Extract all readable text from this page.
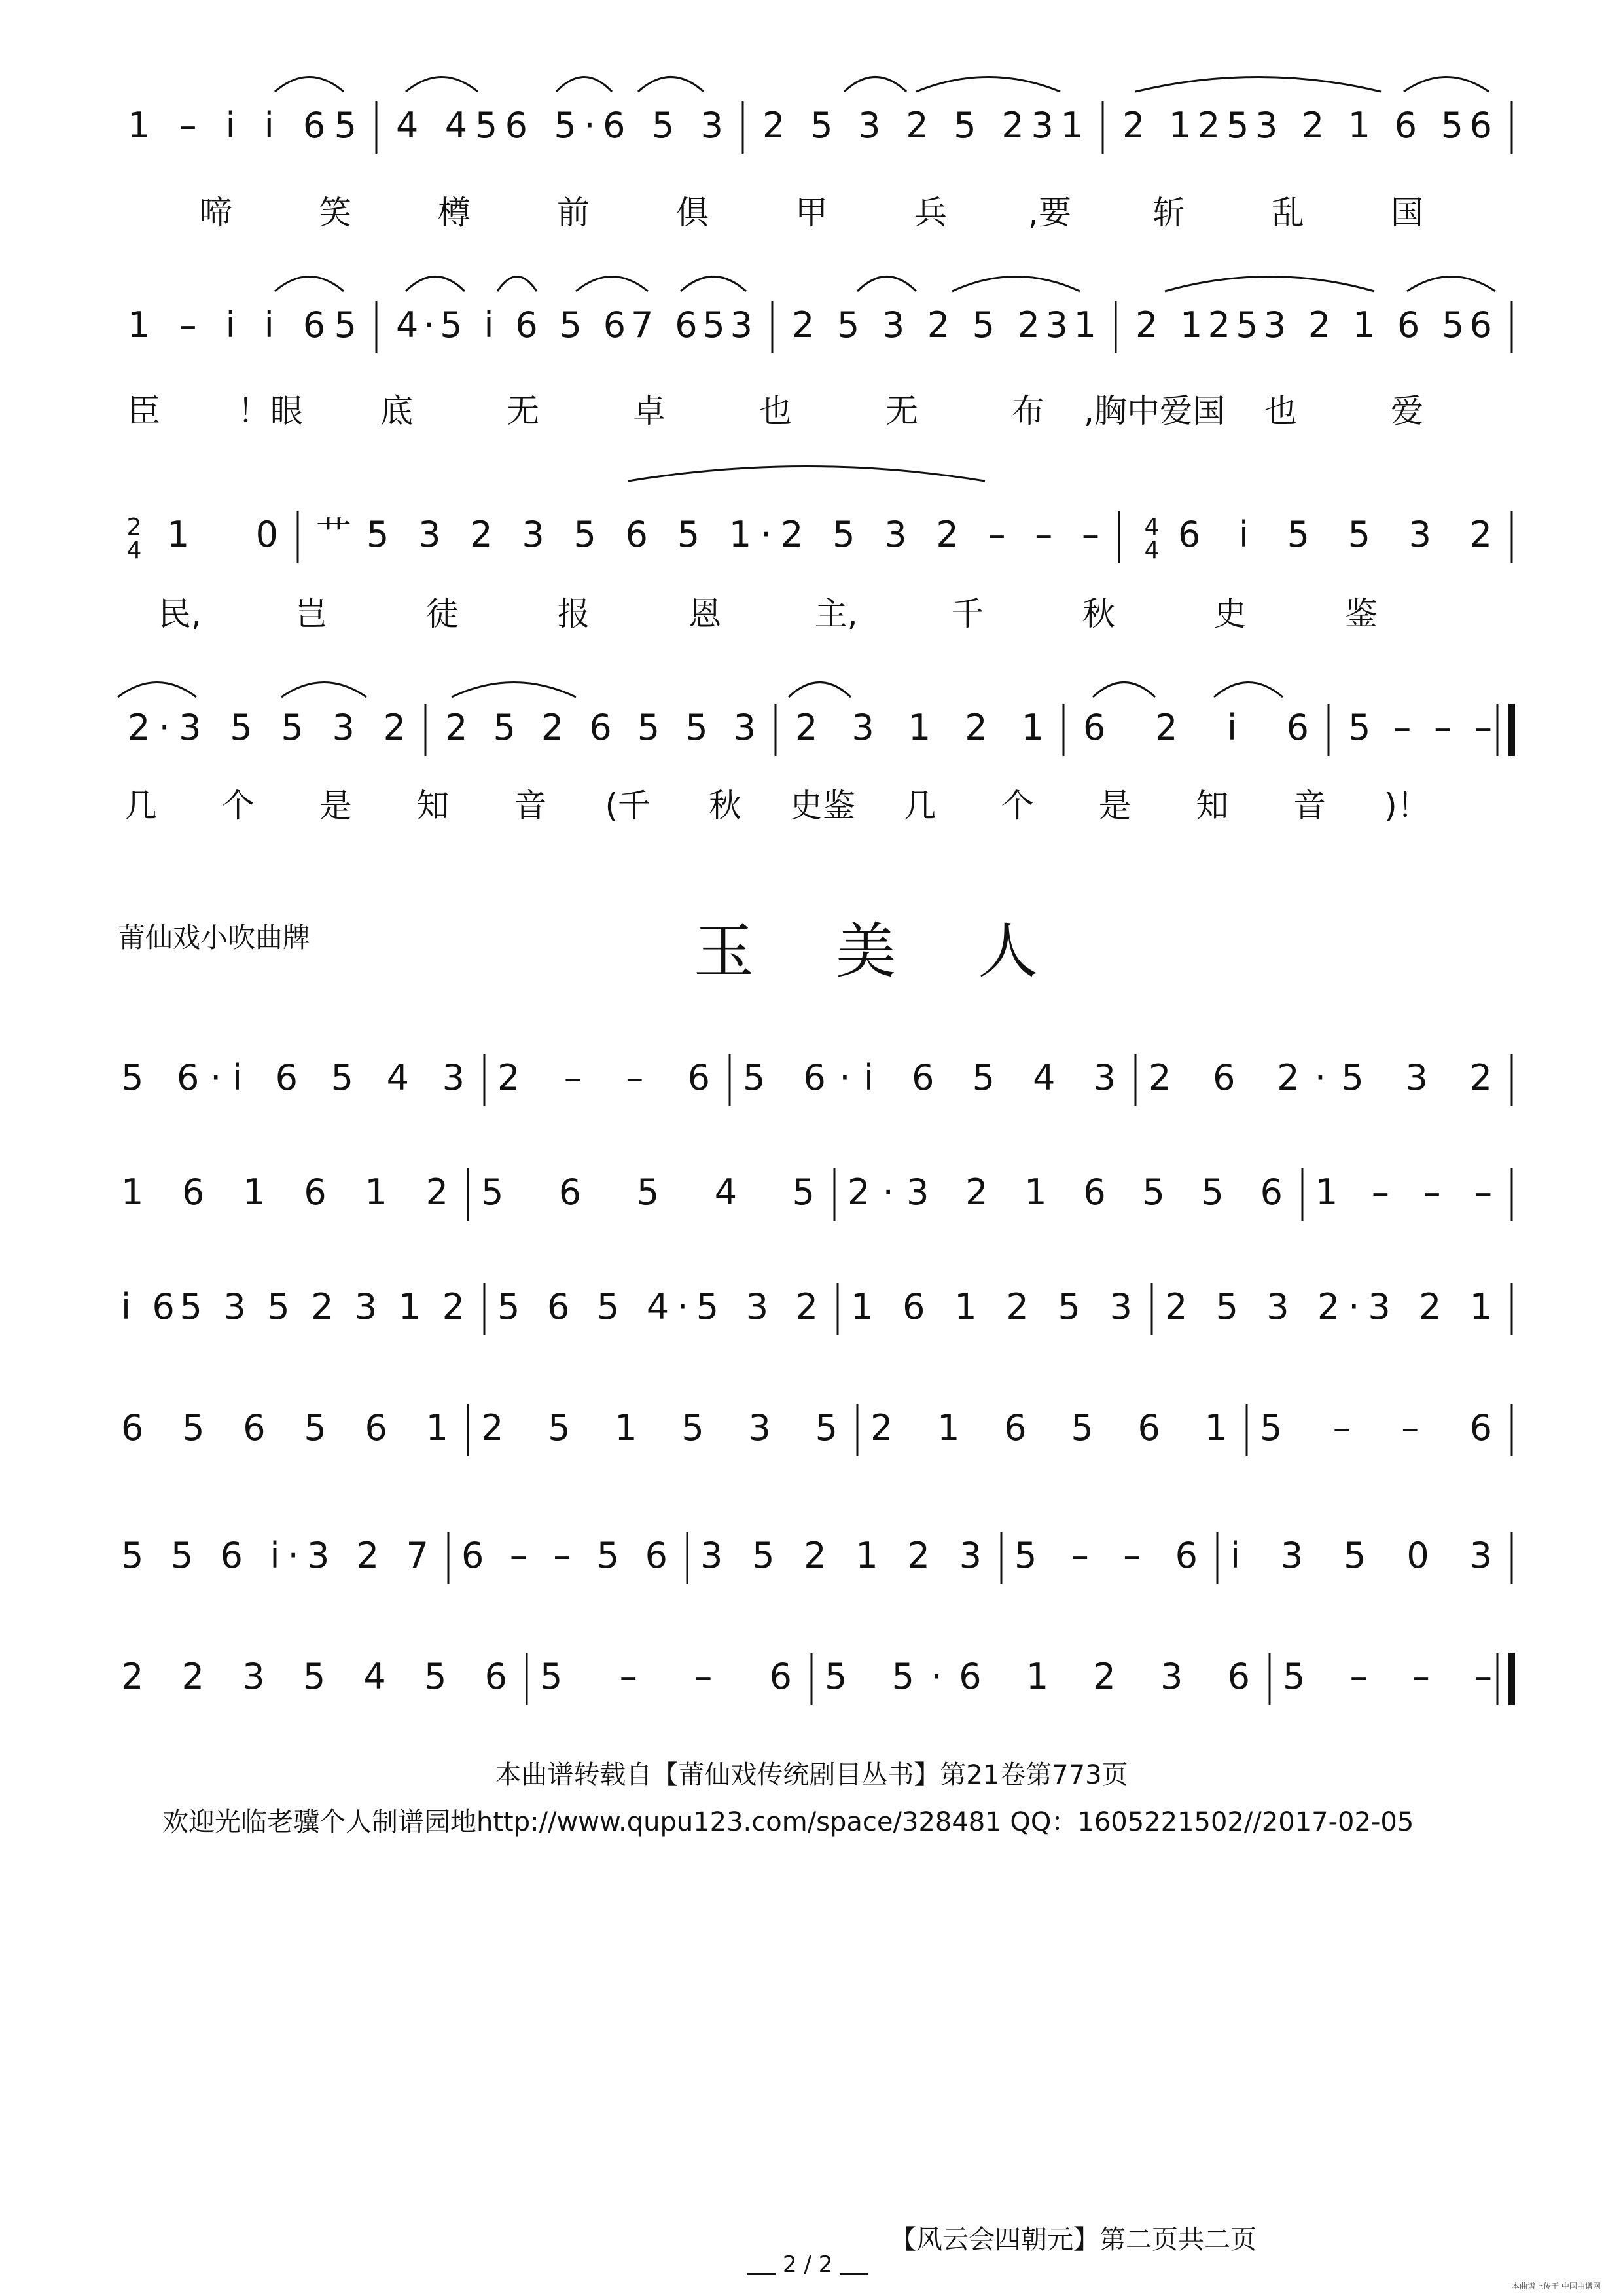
1 – i i 65 4 456 5·6 5 3 2 5 3 2 5 231 2 1253 2 1 6 56
啼	笑	樽	前	俱	甲	兵 ,要 斩	乱	国
1 – i i 65 4·5 i 6 5 67 653 2 5 3 2 5 231 2 1253 2 1 6 56
臣 ！眼 底	无	卓	也	无	布 ,胸中爱国 也	爱
2
4
4
4
艹
1 0	5 3 2 3 5 6 5 1·2 5 3 2 – – – 6 i 5 5 3 2
民,	岂	徒	报	恩	主,	千	秋	史	鉴
2·3 5 5 3 2 2 5 2 6 5 5 3 2 3 1 2 1 6 2 i 6 5 – – –
几 个 是 知 音 (千 秋 史鉴 几 个 是 知 音 )！
5 6·i 6 5 4 3 2 – – 6 5 6·i 6 5 4 3 2 6 2·5 3 2
1 6 1 6 1 2 5 6 5 4 5 2·3 2 1 6 5 5 6 1 – – –
i 65 3 5 2 3 1 2 5 6 5 4·5 3 2 1 6 1 2 5 3 2 5 3 2·3 2 1
6 5 6 5 6 1 2 5 1 5 3 5 2 1 6 5 6 1 5 – – 6
5 5 6 i·3 2 7 6 – – 5 6 3 5 2 1 2 3 5 – – 6 i 3 5 0 3
2 2 3 5 4 5 6 5 – – 6 5 5·6 1 2 3 6 5 – – –
莆仙戏小吹曲牌	玉 美 人
本曲谱转载自【莆仙戏传统剧目丛书】第21卷第773页
欢迎光临老骥个人制谱园地http://www.qupu123.com/space/328481 QQ：1605221502//2017-02-05
【风云会四朝元】第二页共二页
2 / 2
本曲谱上传于 中国曲谱网
